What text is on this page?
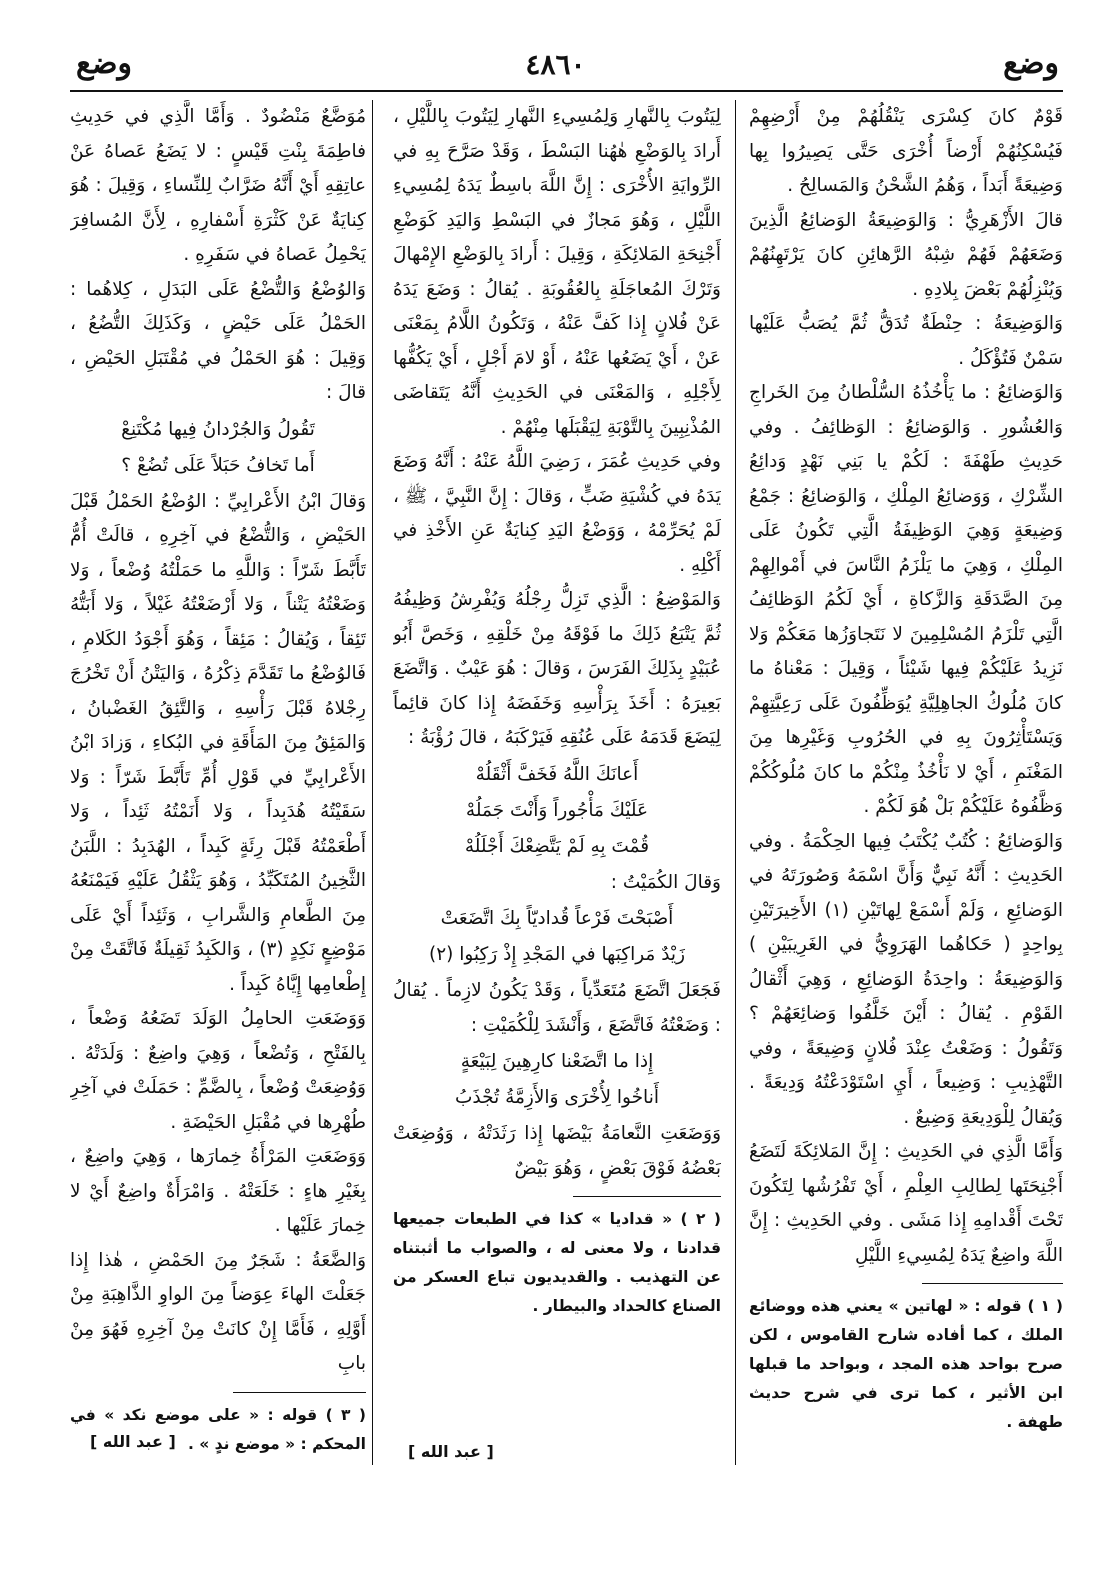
وضع
٤٨٦٠
وضع

قَوْمٌ كانَ كِسْرَى يَنْقُلُهُمْ مِنْ أَرْضِهِمْ فَيُسْكِنُهُمْ أَرْضاً أُخْرَى حَتَّى يَصِيرُوا بِها وَضِيعَةً أَبَداً ، وَهُمُ الشَّحْنُ وَالمَسالِحُ .

قالَ الأَزْهَرِيُّ : وَالوَضِيعَةُ الوَضائِعُ الَّذِينَ وَضَعَهُمْ فَهُمْ شِبْهُ الرَّهائِنِ كانَ يَرْتَهِنُهُمْ وَيُنْزِلُهُمْ بَعْضَ بِلادِهِ .

وَالوَضِيعَةُ : حِنْطَةٌ تُدَقُّ ثُمَّ يُصَبُّ عَلَيْها سَمْنٌ فَتُؤْكَلُ .

وَالوَضائِعُ : ما يَأْخُذُهُ السُّلْطانُ مِنَ الخَراجِ وَالعُشُورِ . وَالوَضائِعُ : الوَظائِفُ . وفي حَدِيثِ طَهْفَةَ : لَكُمْ يا بَنِي نَهْدٍ وَدائِعُ الشِّرْكِ ، وَوَضائِعُ المِلْكِ ، وَالوَضائِعُ : جَمْعُ وَضِيعَةٍ وَهِيَ الوَظِيفَةُ الَّتِي تَكُونُ عَلَى المِلْكِ ، وَهِيَ ما يَلْزَمُ النَّاسَ في أَمْوالِهِمْ مِنَ الصَّدَقَةِ وَالزَّكاةِ ، أَيْ لَكُمُ الوَظائِفُ الَّتِي تَلْزَمُ المُسْلِمِينَ لا نَتَجاوَزُها مَعَكُمْ وَلا نَزِيدُ عَلَيْكُمْ فِيها شَيْئاً ، وَقِيلَ : مَعْناهُ ما كانَ مُلُوكُ الجاهِلِيَّةِ يُوَظِّفُونَ عَلَى رَعِيَّتِهِمْ وَيَسْتَأْثِرُونَ بِهِ في الحُرُوبِ وَغَيْرِها مِنَ المَغْنَمِ ، أَيْ لا نَأْخُذُ مِنْكُمْ ما كانَ مُلُوكُكُمْ وَظَّفُوهُ عَلَيْكُمْ بَلْ هُوَ لَكُمْ .

وَالوَضائِعُ : كُتُبٌ يُكْتَبُ فِيها الحِكْمَةُ . وفي الحَدِيثِ : أَنَّهُ نَبِيٌّ وَأَنَّ اسْمَهُ وَصُورَتَهُ في الوَضائِعِ ، وَلَمْ أَسْمَعْ لِهاتَيْنِ (١) الأَخِيرَتَيْنِ بِواحِدٍ ( حَكاهُما الهَرَوِيُّ في الغَرِيبَيْنِ ) وَالوَضِيعَةُ : واحِدَةُ الوَضائِعِ ، وَهِيَ أَثْقالُ القَوْمِ . يُقالُ : أَيْنَ خَلَّفُوا وَضائِعَهُمْ ؟ وَتَقُولُ : وَضَعْتُ عِنْدَ فُلانٍ وَضِيعَةً ، وفي التَّهْذِيبِ : وَضِيعاً ، أَيِ اسْتَوْدَعْتُهُ وَدِيعَةً . وَيُقالُ لِلْوَدِيعَةِ وَضِيعٌ .

وَأَمَّا الَّذِي في الحَدِيثِ : إِنَّ المَلائِكَةَ لَتَضَعُ أَجْنِحَتَها لِطالِبِ العِلْمِ ، أَيْ تَفْرُشُها لِتَكُونَ تَحْتَ أَقْدامِهِ إِذا مَشَى . وفي الحَدِيثِ : إِنَّ اللَّهَ واضِعٌ يَدَهُ لِمُسِيءِ اللَّيْلِ

( ١ ) قوله : « لهاتين » يعني هذه ووضائع الملك ، كما أفاده شارح القاموس ، لكن صرح بواحد هذه المجد ، وبواحد ما قبلها ابن الأثير ، كما ترى في شرح حديث طهفة .

لِيَتُوبَ بِالنَّهارِ وَلِمُسِيءِ النَّهارِ لِيَتُوبَ بِاللَّيْلِ ، أَرادَ بِالوَضْعِ هٰهُنا البَسْطَ ، وَقَدْ صَرَّحَ بِهِ في الرِّوايَةِ الأُخْرَى : إِنَّ اللَّهَ باسِطٌ يَدَهُ لِمُسِيءِ اللَّيْلِ ، وَهُوَ مَجازٌ في البَسْطِ وَاليَدِ كَوَضْعِ أَجْنِحَةِ المَلائِكَةِ ، وَقِيلَ : أَرادَ بِالوَضْعِ الإِمْهالَ وَتَرْكَ المُعاجَلَةِ بِالعُقُوبَةِ . يُقالُ : وَضَعَ يَدَهُ عَنْ فُلانٍ إِذا كَفَّ عَنْهُ ، وَتَكُونُ اللَّامُ بِمَعْنَى عَنْ ، أَيْ يَضَعُها عَنْهُ ، أَوْ لامَ أَجْلٍ ، أَيْ يَكُفُّها لِأَجْلِهِ ، وَالمَعْنَى في الحَدِيثِ أَنَّهُ يَتَقاضَى المُذْنِبِينَ بِالتَّوْبَةِ لِيَقْبَلَها مِنْهُمْ .

وفي حَدِيثِ عُمَرَ ، رَضِيَ اللَّهُ عَنْهُ : أَنَّهُ وَضَعَ يَدَهُ في كُشْيَةِ ضَبٍّ ، وَقالَ : إِنَّ النَّبِيَّ ، ﷺ ، لَمْ يُحَرِّمْهُ ، وَوَضْعُ اليَدِ كِنايَةٌ عَنِ الأَخْذِ في أَكْلِهِ .

وَالمَوْضِعُ : الَّذِي تَزِلُّ رِجْلُهُ وَيُفْرِشُ وَظِيفُهُ ثُمَّ يَتْبَعُ ذَلِكَ ما فَوْقَهُ مِنْ خَلْقِهِ ، وَخَصَّ أَبُو عُبَيْدٍ بِذَلِكَ الفَرَسَ ، وَقالَ : هُوَ عَيْبٌ . وَاتَّضَعَ بَعِيرَهُ : أَخَذَ بِرَأْسِهِ وَخَفَضَهُ إِذا كانَ قائِماً لِيَضَعَ قَدَمَهُ عَلَى عُنُقِهِ فَيَرْكَبَهُ ، قالَ رُؤْبَةُ :

أَعانَكَ اللَّهُ فَخَفَّ أَثْقَلُهْ

عَلَيْكَ مَأْجُوراً وَأَنْتَ جَمَلُهْ

قُمْتَ بِهِ لَمْ يَتَّضِعْكَ أَجْلَلُهْ

وَقالَ الكُمَيْتُ :

أَصْبَحْتَ فَرْعاً قُداديّاً بِكَ اتَّضَعَتْ

زَيْدٌ مَراكِبَها في المَجْدِ إِذْ رَكِبُوا (٢)

فَجَعَلَ اتَّضَعَ مُتَعَدِّياً ، وَقَدْ يَكُونُ لازِماً . يُقالُ : وَضَعْتُهُ فَاتَّضَعَ ، وَأَنْشَدَ لِلْكُمَيْتِ :

إِذا ما اتَّضَعْنا كارِهِينَ لِبَيْعَةٍ

أَناخُوا لِأُخْرَى وَالأَزِمَّةُ تُجْذَبُ

وَوَضَعَتِ النَّعامَةُ بَيْضَها إِذا رَثَدَتْهُ ، وَوُضِعَتْ بَعْضُهُ فَوْقَ بَعْضٍ ، وَهُوَ بَيْضٌ

( ٢ ) « قداديا » كذا في الطبعات جميعها قدادنا ، ولا معنى له ، والصواب ما أثبتناه عن التهذيب . والقديديون تباع العسكر من الصناع كالحداد والبيطار .

[ عبد الله ]

مُوَضَّعٌ مَنْضُودٌ . وَأَمَّا الَّذِي في حَدِيثِ فاطِمَةَ بِنْتِ قَيْسٍ : لا يَضَعُ عَصاهُ عَنْ عاتِقِهِ أَيْ أَنَّهُ ضَرَّابٌ لِلنِّساءِ ، وَقِيلَ : هُوَ كِنايَةٌ عَنْ كَثْرَةِ أَسْفارِهِ ، لِأَنَّ المُسافِرَ يَحْمِلُ عَصاهُ في سَفَرِهِ .

وَالوُضْعُ وَالتُّضْعُ عَلَى البَدَلِ ، كِلاهُما : الحَمْلُ عَلَى حَيْضٍ ، وَكَذَلِكَ التُّضُعُ ، وَقِيلَ : هُوَ الحَمْلُ في مُقْتَبَلِ الحَيْضِ ، قالَ :

تَقُولُ وَالجُرْدانُ فِيها مُكْتَنِعْ

أَما تَخافُ حَبَلاً عَلَى تُضُعْ ؟

وَقالَ ابْنُ الأَعْرابِيِّ : الوُضْعُ الحَمْلُ قَبْلَ الحَيْضِ ، وَالتُّضْعُ في آخِرِهِ ، قالَتْ أُمُّ تَأَبَّطَ شَرّاً : وَاللَّهِ ما حَمَلْتُهُ وُضْعاً ، وَلا وَضَعْتُهُ يَتْناً ، وَلا أَرْضَعْتُهُ غَيْلاً ، وَلا أَبَتُّهُ تَئِقاً ، وَيُقالُ : مَئِقاً ، وَهُوَ أَجْوَدُ الكَلامِ ، فَالوُضْعُ ما تَقَدَّمَ ذِكْرُهُ ، وَاليَتْنُ أَنْ تَخْرُجَ رِجْلاهُ قَبْلَ رَأْسِهِ ، وَالتَّئِقُ الغَضْبانُ ، وَالمَئِقُ مِنَ المَأَقَةِ في البُكاءِ ، وَزادَ ابْنُ الأَعْرابِيِّ في قَوْلِ أُمِّ تَأَبَّطَ شَرّاً : وَلا سَقَيْتُهُ هُدَبِداً ، وَلا أَنَمْتُهُ ثَئِداً ، وَلا أَطْعَمْتُهُ قَبْلَ رِئَةٍ كَبِداً ، الهُدَبِدُ : اللَّبَنُ الثَّخِينُ المُتَكَبِّدُ ، وَهُوَ يَثْقُلُ عَلَيْهِ فَيَمْنَعُهُ مِنَ الطَّعامِ وَالشَّرابِ ، وَثَئِداً أَيْ عَلَى مَوْضِعٍ نَكِدٍ (٣) ، وَالكَبِدُ ثَقِيلَةٌ فَاتَّقَتْ مِنْ إِطْعامِها إِيَّاهُ كَبِداً .

وَوَضَعَتِ الحامِلُ الوَلَدَ تَضَعُهُ وَضْعاً ، بِالفَتْحِ ، وَتُضْعاً ، وَهِيَ واضِعٌ : وَلَدَتْهُ . وَوُضِعَتْ وُضْعاً ، بِالضَّمِّ : حَمَلَتْ في آخِرِ طُهْرِها في مُقْبَلِ الحَيْضَةِ .

وَوَضَعَتِ المَرْأَةُ خِمارَها ، وَهِيَ واضِعٌ ، بِغَيْرِ هاءٍ : خَلَعَتْهُ . وَامْرَأَةٌ واضِعٌ أَيْ لا خِمارَ عَلَيْها .

وَالضَّعَةُ : شَجَرٌ مِنَ الحَمْضِ ، هٰذا إِذا جَعَلْتَ الهاءَ عِوَضاً مِنَ الواوِ الذَّاهِبَةِ مِنْ أَوَّلِهِ ، فَأَمَّا إِنْ كانَتْ مِنْ آخِرِهِ فَهُوَ مِنْ بابِ

( ٣ ) قوله : « على موضع نكد » في المحكم : « موضع ندٍ » .

[ عبد الله ]
